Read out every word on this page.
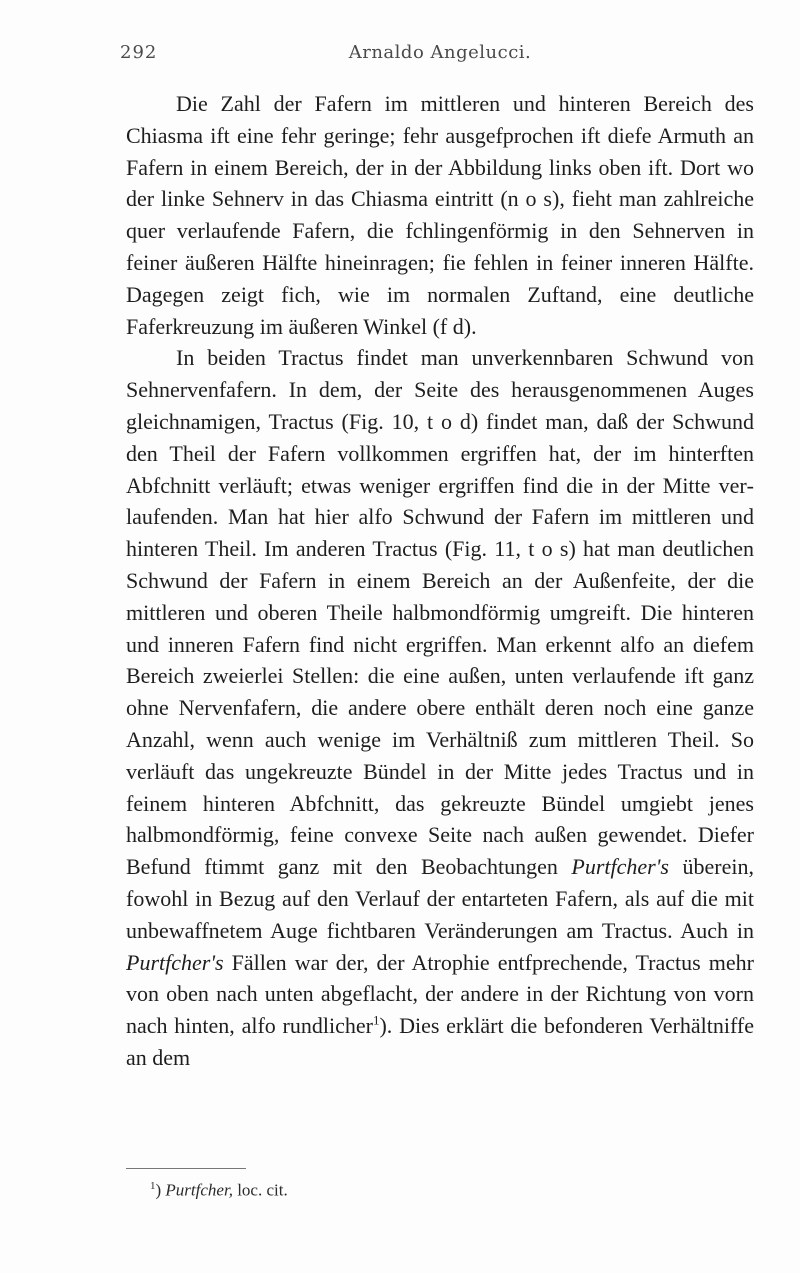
292	Arnaldo Angelucci.

Die Zahl der Fafern im mittleren und hinteren Bereich des Chiasma ift eine fehr geringe; fehr ausgefprochen ift diefe Armuth an Fafern in einem Bereich, der in der Abbildung links oben ift. Dort wo der linke Sehnerv in das Chiasma eintritt (n o s), fieht man zahlreiche quer verlaufende Fafern, die fchlingenförmig in den Sehnerven in feiner äußeren Hälfte hineinragen; fie fehlen in feiner inneren Hälfte. Dagegen zeigt fich, wie im normalen Zuftand, eine deutliche Faferkreuzung im äußeren Winkel (f d).

In beiden Tractus findet man unverkennbaren Schwund von Sehnervenfafern. In dem, der Seite des herausgenommenen Auges gleichnamigen, Tractus (Fig. 10, t o d) findet man, daß der Schwund den Theil der Fafern vollkommen ergriffen hat, der im hinterften Abfchnitt verläuft; etwas weniger ergriffen find die in der Mitte verlaufenden. Man hat hier alfo Schwund der Fafern im mittleren und hinteren Theil. Im anderen Tractus (Fig. 11, t o s) hat man deutlichen Schwund der Fafern in einem Bereich an der Außenfeite, der die mittleren und oberen Theile halbmondförmig umgreift. Die hinteren und inneren Fafern find nicht ergriffen. Man erkennt alfo an diefem Bereich zweierlei Stellen: die eine außen, unten verlaufende ift ganz ohne Nervenfafern, die andere obere enthält deren noch eine ganze Anzahl, wenn auch wenige im Verhältniß zum mittleren Theil. So verläuft das ungekreuzte Bündel in der Mitte jedes Tractus und in feinem hinteren Abfchnitt, das gekreuzte Bündel umgiebt jenes halbmondförmig, feine convexe Seite nach außen gewendet. Diefer Befund ftimmt ganz mit den Beobachtungen Purtfcher's überein, fowohl in Bezug auf den Verlauf der entarteten Fafern, als auf die mit unbewaffnetem Auge fichtbaren Veränderungen am Tractus. Auch in Purtfcher's Fällen war der, der Atrophie entfprechende, Tractus mehr von oben nach unten abgeflacht, der andere in der Richtung von vorn nach hinten, alfo rundlicher$^1$). Dies erklärt die befonderen Verhältniffe an dem

$^1$) Purtfcher, loc. cit.
